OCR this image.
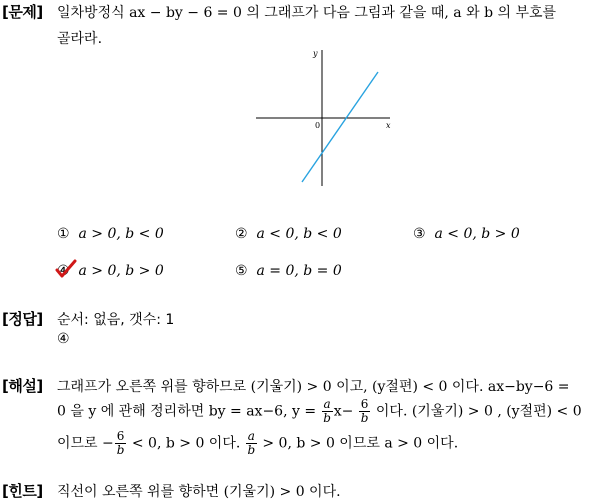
[문제] 일차방정식 ax − by − 6 = 0 의 그래프가 다음 그림과 같을 때, a 와 b 의 부호를
골라라.
y
x
0
① a > 0, b < 0	② a < 0, b < 0	③ a < 0, b > 0
④ a > 0, b > 0	⑤ a = 0, b = 0
[정답] 순서: 없음, 갯수: 1
④
[해설] 그래프가 오른쪽 위를 향하므로 (기울기) > 0 이고, (y절편) < 0 이다. ax−by−6 =
0 을 y 에 관해 정리하면 by = ax−6, $y = \frac{a}{b} x- \frac{6}{b}$ 이다. (기울기) > 0 , (y절편) < 0
이므로 − $\frac{6}{b} < 0$, b > 0 이다. $\frac{a}{b} > 0$, b > 0 이므로 a > 0 이다.
[힌트] 직선이 오른쪽 위를 향하면 (기울기) > 0 이다.
